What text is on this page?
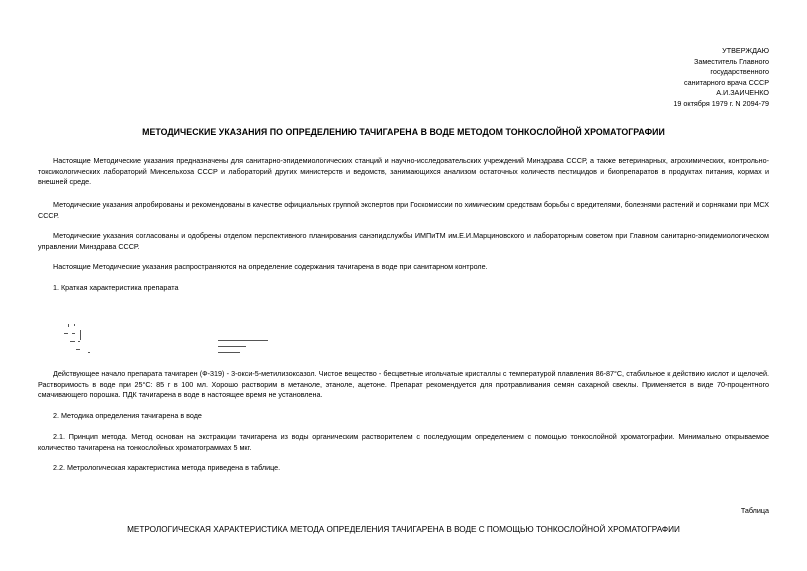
УТВЕРЖДАЮ
Заместитель Главного
государственного
санитарного врача СССР
А.И.ЗАИЧЕНКО
19 октября 1979 г. N 2094-79
МЕТОДИЧЕСКИЕ УКАЗАНИЯ ПО ОПРЕДЕЛЕНИЮ ТАЧИГАРЕНА В ВОДЕ МЕТОДОМ ТОНКОСЛОЙНОЙ ХРОМАТОГРАФИИ
Настоящие Методические указания предназначены для санитарно-эпидемиологических станций и научно-исследовательских учреждений Минздрава СССР, а также ветеринарных, агрохимических, контрольно-токсикологических лабораторий Минсельхоза СССР и лабораторий других министерств и ведомств, занимающихся анализом остаточных количеств пестицидов и биопрепаратов в продуктах питания, кормах и внешней среде.
Методические указания апробированы и рекомендованы в качестве официальных группой экспертов при Госкомиссии по химическим средствам борьбы с вредителями, болезнями растений и сорняками при МСХ СССР.
Методические указания согласованы и одобрены отделом перспективного планирования санэпидслужбы ИМПиТМ им.Е.И.Марциновского и лабораторным советом при Главном санитарно-эпидемиологическом управлении Минздрава СССР.
Настоящие Методические указания распространяются на определение содержания тачигарена в воде при санитарном контроле.
1. Краткая характеристика препарата
Действующее начало препарата тачигарен (Ф-319) - 3-окси-5-метилизоксазол. Чистое вещество - бесцветные игольчатые кристаллы с температурой плавления 86-87°С, стабильное к действию кислот и щелочей. Растворимость в воде при 25°С: 85 г в 100 мл. Хорошо растворим в метаноле, этаноле, ацетоне. Препарат рекомендуется для протравливания семян сахарной свеклы. Применяется в виде 70-процентного смачивающего порошка. ПДК тачигарена в воде в настоящее время не установлена.
2. Методика определения тачигарена в воде
2.1. Принцип метода. Метод основан на экстракции тачигарена из воды органическим растворителем с последующим определением с помощью тонкослойной хроматографии. Минимально открываемое количество тачигарена на тонкослойных хроматограммах 5 мкг.
2.2. Метрологическая характеристика метода приведена в таблице.
Таблица
МЕТРОЛОГИЧЕСКАЯ ХАРАКТЕРИСТИКА МЕТОДА ОПРЕДЕЛЕНИЯ ТАЧИГАРЕНА В ВОДЕ С ПОМОЩЬЮ ТОНКОСЛОЙНОЙ ХРОМАТОГРАФИИ
